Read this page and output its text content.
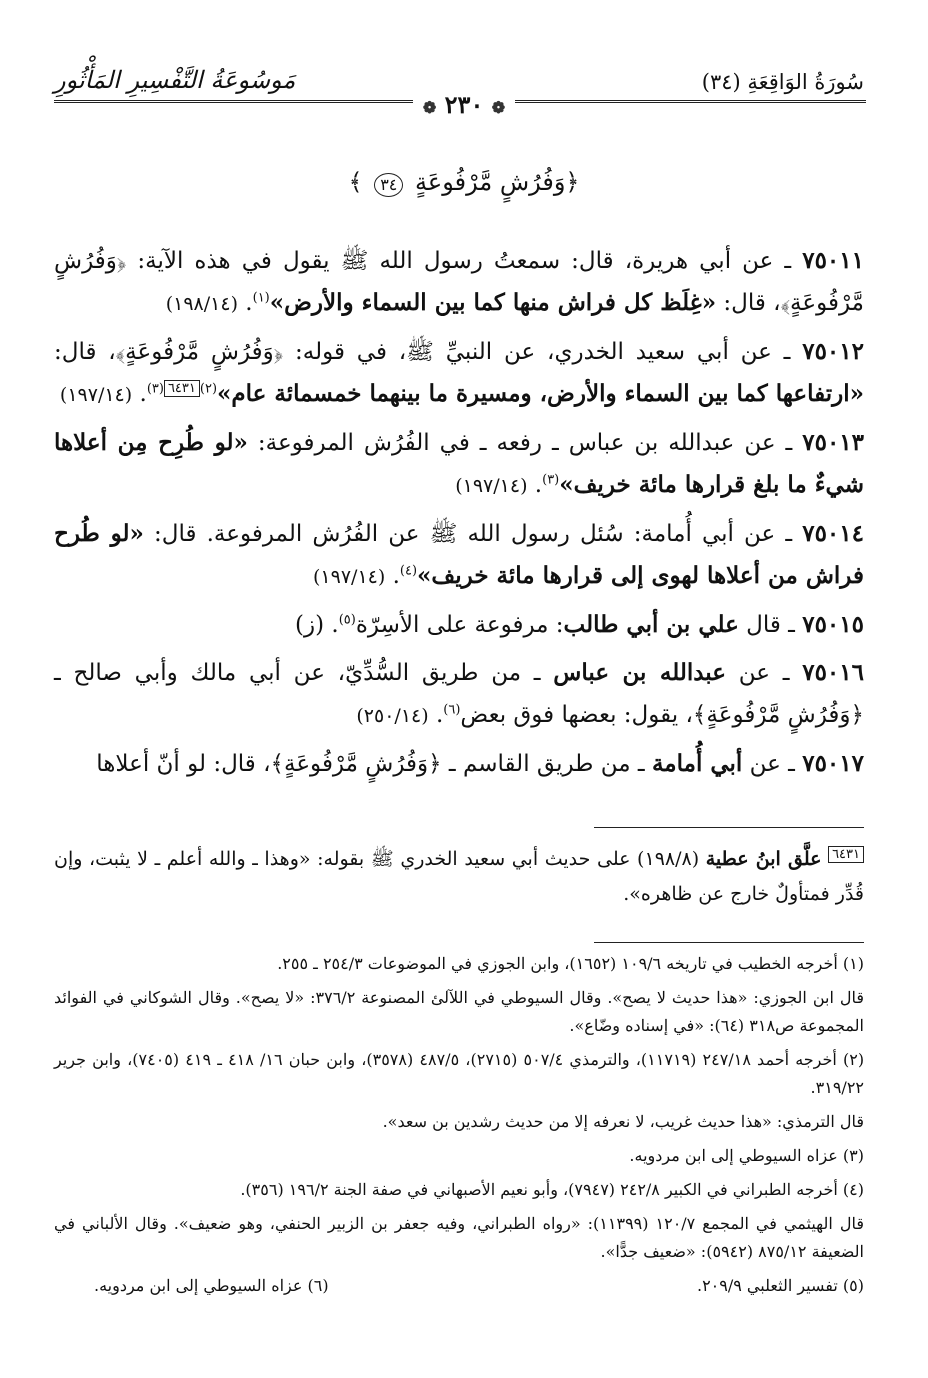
سُورَةُ الوَاقِعَةِ (٣٤)
مَوسُوعَةُ التَّفْسِيرِ المَأْثُورِ
❁ ٢٣٠ ❁
﴿وَفُرُشٍ مَّرْفُوعَةٍ ٣٤ ﴾

٧٥٠١١ ـ عن أبي هريرة، قال: سمعتُ رسول الله ﷺ يقول في هذه الآية: ﴿وَفُرُشٍ مَّرْفُوعَةٍ﴾، قال: «غِلَظ كل فراش منها كما بين السماء والأرض»$^{(١)}$. (١٩٨/١٤)

٧٥٠١٢ ـ عن أبي سعيد الخدري، عن النبيِّ ﷺ، في قوله: ﴿وَفُرُشٍ مَّرْفُوعَةٍ﴾، قال: «ارتفاعها كما بين السماء والأرض، ومسيرة ما بينهما خمسمائة عام»$^{(٢)}$٦٤٣١$^{(٣)}$. (١٩٧/١٤)

٧٥٠١٣ ـ عن عبدالله بن عباس ـ رفعه ـ في الفُرُش المرفوعة: «لو طُرِح مِن أعلاها شيءٌ ما بلغ قرارها مائة خريف»$^{(٣)}$. (١٩٧/١٤)

٧٥٠١٤ ـ عن أبي أُمامة: سُئل رسول الله ﷺ عن الفُرُش المرفوعة. قال: «لو طُرح فراش من أعلاها لهوى إلى قرارها مائة خريف»$^{(٤)}$. (١٩٧/١٤)

٧٥٠١٥ ـ قال علي بن أبي طالب: مرفوعة على الأسِرّة$^{(٥)}$. (ز)

٧٥٠١٦ ـ عن عبدالله بن عباس ـ من طريق السُّدِّيّ، عن أبي مالك وأبي صالح ـ ﴿وَفُرُشٍ مَّرْفُوعَةٍ﴾، يقول: بعضها فوق بعض$^{(٦)}$. (٢٥٠/١٤)

٧٥٠١٧ ـ عن أبي أُمامة ـ من طريق القاسم ـ ﴿وَفُرُشٍ مَّرْفُوعَةٍ﴾، قال: لو أنّ أعلاها

٦٤٣١ علَّق ابنُ عطية (١٩٨/٨) على حديث أبي سعيد الخدري ﷺ بقوله: «وهذا ـ والله أعلم ـ لا يثبت، وإن قُدِّر فمتأولٌ خارج عن ظاهره».

(١) أخرجه الخطيب في تاريخه ١٠٩/٦ (١٦٥٢)، وابن الجوزي في الموضوعات ٢٥٤/٣ ـ ٢٥٥.

قال ابن الجوزي: «هذا حديث لا يصح». وقال السيوطي في اللآلئ المصنوعة ٣٧٦/٢: «لا يصح». وقال الشوكاني في الفوائد المجموعة ص٣١٨ (٦٤): «في إسناده وضّاع».

(٢) أخرجه أحمد ٢٤٧/١٨ (١١٧١٩)، والترمذي ٥٠٧/٤ (٢٧١٥)، ٤٨٧/٥ (٣٥٧٨)، وابن حبان ١٦/ ٤١٨ ـ ٤١٩ (٧٤٠٥)، وابن جرير ٣١٩/٢٢.

قال الترمذي: «هذا حديث غريب، لا نعرفه إلا من حديث رشدين بن سعد».

(٣) عزاه السيوطي إلى ابن مردويه.

(٤) أخرجه الطبراني في الكبير ٢٤٢/٨ (٧٩٤٧)، وأبو نعيم الأصبهاني في صفة الجنة ١٩٦/٢ (٣٥٦).

قال الهيثمي في المجمع ١٢٠/٧ (١١٣٩٩): «رواه الطبراني، وفيه جعفر بن الزبير الحنفي، وهو ضعيف». وقال الألباني في الضعيفة ٨٧٥/١٢ (٥٩٤٢): «ضعيف جدًّا».

(٥) تفسير الثعلبي ٢٠٩/٩.
(٦) عزاه السيوطي إلى ابن مردويه.
